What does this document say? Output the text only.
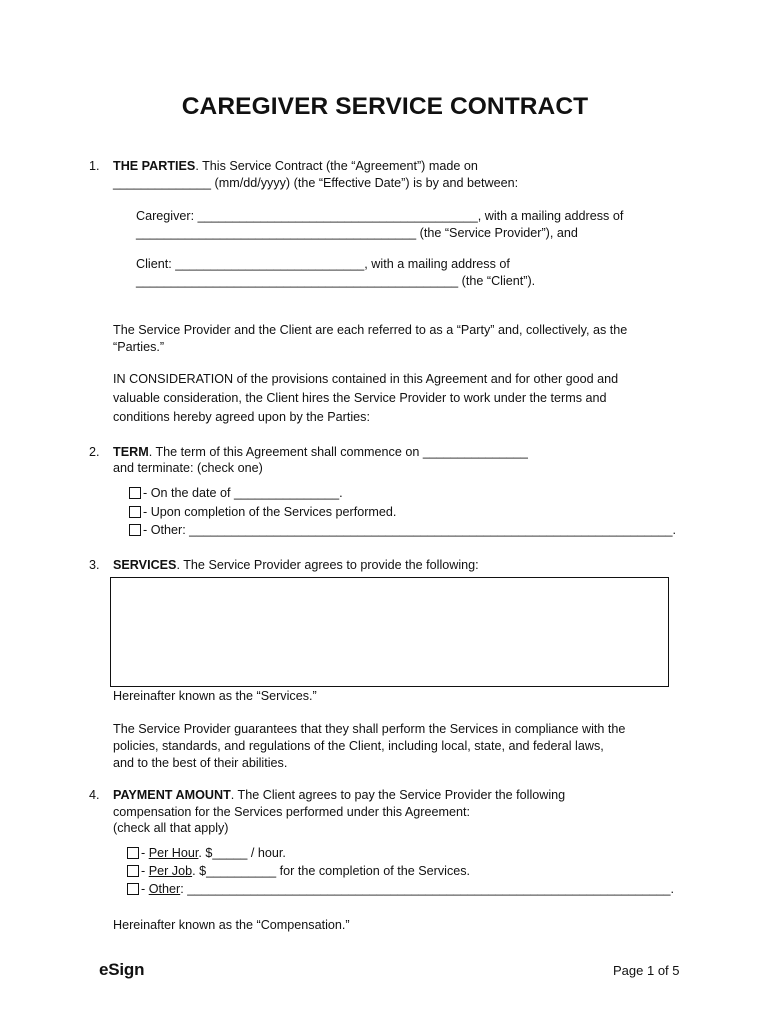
CAREGIVER SERVICE CONTRACT
1. THE PARTIES. This Service Contract (the “Agreement”) made on
______________ (mm/dd/yyyy) (the “Effective Date”) is by and between:
Caregiver: ________________________________________, with a mailing address of
________________________________________ (the “Service Provider”), and
Client: ___________________________, with a mailing address of
______________________________________________ (the “Client”).
The Service Provider and the Client are each referred to as a “Party” and, collectively, as the
“Parties.”
IN CONSIDERATION of the provisions contained in this Agreement and for other good and
valuable consideration, the Client hires the Service Provider to work under the terms and
conditions hereby agreed upon by the Parties:
2. TERM. The term of this Agreement shall commence on _______________
and terminate: (check one)
- On the date of _______________.
- Upon completion of the Services performed.
- Other: _____________________________________________________________________.
3. SERVICES. The Service Provider agrees to provide the following:
Hereinafter known as the “Services.”
The Service Provider guarantees that they shall perform the Services in compliance with the
policies, standards, and regulations of the Client, including local, state, and federal laws,
and to the best of their abilities.
4. PAYMENT AMOUNT. The Client agrees to pay the Service Provider the following
compensation for the Services performed under this Agreement:
(check all that apply)
- Per Hour. $_____ / hour.
- Per Job. $__________ for the completion of the Services.
- Other: _____________________________________________________________________.
Hereinafter known as the “Compensation.”
eSign	Page 1 of 5
